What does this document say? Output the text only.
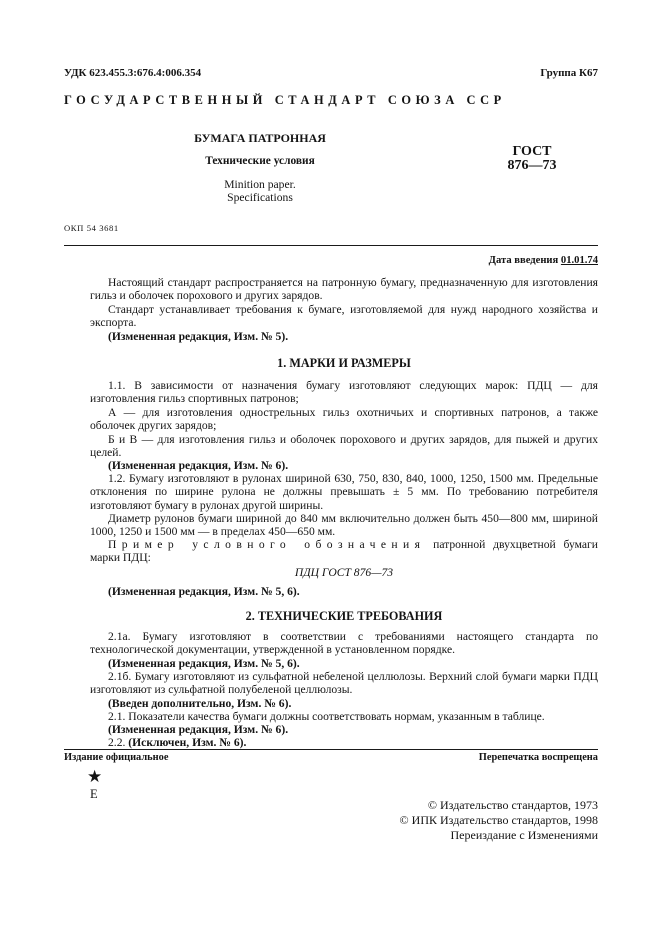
УДК 623.455.3:676.4:006.354	Группа К67
ГОСУДАРСТВЕННЫЙ СТАНДАРТ СОЮЗА ССР
БУМАГА ПАТРОННАЯ
Технические условия
Minition paper.
Specifications
ГОСТ
876—73
ОКП 54 3681
Дата введения 01.01.74

Настоящий стандарт распространяется на патронную бумагу, предназначенную для изготовления гильз и оболочек порохового и других зарядов.

Стандарт устанавливает требования к бумаге, изготовляемой для нужд народного хозяйства и экспорта.

(Измененная редакция, Изм. № 5).

1. МАРКИ И РАЗМЕРЫ

1.1. В зависимости от назначения бумагу изготовляют следующих марок: ПДЦ — для изготовления гильз спортивных патронов;

А — для изготовления однострельных гильз охотничьих и спортивных патронов, а также оболочек других зарядов;

Б и В — для изготовления гильз и оболочек порохового и других зарядов, для пыжей и других целей.

(Измененная редакция, Изм. № 6).

1.2. Бумагу изготовляют в рулонах шириной 630, 750, 830, 840, 1000, 1250, 1500 мм. Предельные отклонения по ширине рулона не должны превышать ± 5 мм. По требованию потребителя изготовляют бумагу в рулонах другой ширины.

Диаметр рулонов бумаги шириной до 840 мм включительно должен быть 450—800 мм, шириной 1000, 1250 и 1500 мм — в пределах 450—650 мм.

Пример условного обозначения патронной двухцветной бумаги марки ПДЦ:

ПДЦ ГОСТ 876—73

(Измененная редакция, Изм. № 5, 6).

2. ТЕХНИЧЕСКИЕ ТРЕБОВАНИЯ

2.1а. Бумагу изготовляют в соответствии с требованиями настоящего стандарта по технологической документации, утвержденной в установленном порядке.

(Измененная редакция, Изм. № 5, 6).

2.1б. Бумагу изготовляют из сульфатной небеленой целлюлозы. Верхний слой бумаги марки ПДЦ изготовляют из сульфатной полубеленой целлюлозы.

(Введен дополнительно, Изм. № 6).

2.1. Показатели качества бумаги должны соответствовать нормам, указанным в таблице.

(Измененная редакция, Изм. № 6).

2.2. (Исключен, Изм. № 6).

Издание официальное	Перепечатка воспрещена
★
Е
© Издательство стандартов, 1973
© ИПК Издательство стандартов, 1998
Переиздание с Изменениями
